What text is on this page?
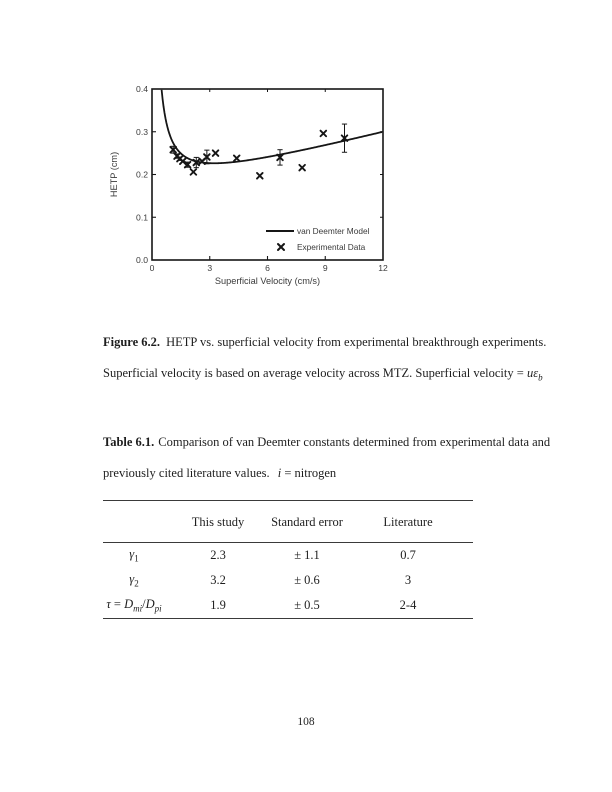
0	3	6	9	12
0.0
0.1
0.2
0.3
0.4
Superficial Velocity (cm/s)
HETP (cm)
van Deemter Model
Experimental Data
Figure 6.2. HETP vs. superficial velocity from experimental breakthrough experiments.
Superficial velocity is based on average velocity across MTZ. Superficial velocity = $u\varepsilon_b$
Table 6.1. Comparison of van Deemter constants determined from experimental data and
previously cited literature values. i = nitrogen
	This study	Standard error	Literature
$\gamma_1$	2.3	± 1.1	0.7
$\gamma_2$	3.2	± 0.6	3
$\tau = D_{mi}/D_{pi}$	1.9	± 0.5	2-4
108
